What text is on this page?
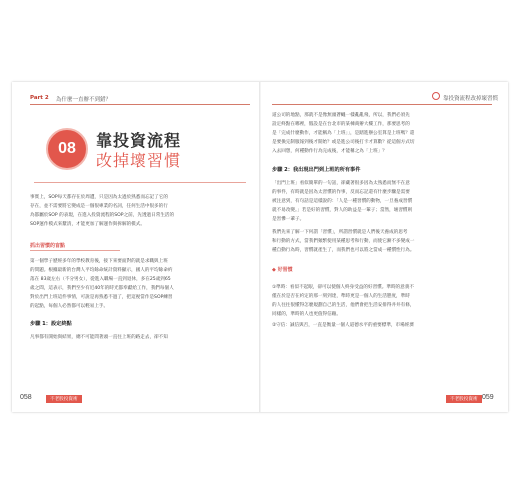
Part 2 為什麼一直辦不到錯？
08	靠投資流程
改掉壞習慣

事實上，SOP每天都存在於周遭，只是因為太過於熟悉而忘記了它的

存在，並不需要將它變成是一個很專業的名詞，任何生活中很多的行

為都屬於SOP 的表現，在進入投資流程的SOP之前，先透過日常生活的

SOP運作模式來釐清，才能更加了解運作與拆解的模式。

抓出習慣的盲點

第一個學子歷經多年的學校教育後，接下來要面對的就是求職與上班

的問題。根據最新的台灣人平均餘命統計資料顯示，國人的平均餘命約

落在 83歲左右（不分男女），從進入職場一直到退休，多在25歲到65

歲之間，這表示，我們至少有近40年的時光都奉獻給工作，我們每個人

對於出門上班這件事情，可說是再熟悉不過了，把這視當作是SOP練習

的起點，每個人必然都可以輕易上手。

步驟 1：設定終點

凡事都有開始與結果，總不可能問著頭一直往上班的路走去，卻不知

058	不老股投資術
靠投資流程改掉壞習慣

道公司的地點，那就不是像無頭蒼蠅一樣亂亂飛，所以，我們必須先

設定終點在哪裡，假設是在台北市的某棟商辦大樓工作，那要思考的

是「完成什麼動作，才能稱為「上班」」，是踏進辦公室算是上班嗎？還

是要換完制服報到後才開始？或是進公司後打卡才算數？從這個方式切

入去回想，何種動作行為完成後，才能稱之為「上班」？

步驟 2：我出現出門到上班的所有事件

「出門上班」看似簡單的一句話，卻藏著很多因為太熟悉而無不在意

的事件，有時就是因為太習慣的作事，反而忘記還有什麼步驟是需要

被注意到，有句話是這樣說的：「人是一種習慣的動物，一旦養成習慣

就不易改變。」若是好的習慣，對人的助益是一輩子；當然，壞習慣則

是害慘一輩子。

我們先來了解一下何謂「習慣」，所謂習慣就是人們後天養成的思考

和行動的方式，當我們頻繁使用某種思考和行動，而使它漸不多變成一

種自動行為時，習慣就產生了，而我們也可以將之當成一種慣性行為。

◆ 好習慣

①準時：看似不起眼，卻可以使個人終身受益的好習慣。準時的意義不

僅在於是否在約定的那一刻到達，準時更是一個人的生活態度，準時

的人往往很懂得怎麼規劃自己的生活，他們會把生活安排得井井有條，

同樣的，準時的人也更值得信賴。

②守信：誠信與否，一直是衡量一個人道德水平的重要標準，市場經濟

不老股投資術 059
